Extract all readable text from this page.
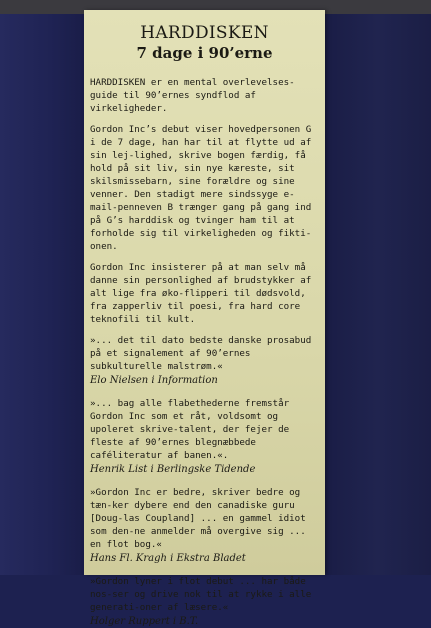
HARDDISKEN
7 dage i 90’erne

HARDDISKEN er en mental overlevelses-guide til 90’ernes syndflod af virkeligheder.

Gordon Inc’s debut viser hovedpersonen G i de 7 dage, han har til at flytte ud af sin lej-lighed, skrive bogen færdig, få hold på sit liv, sin nye kæreste, sit skilsmissebarn, sine forældre og sine venner. Den stadigt mere sindssyge e-mail-penneven B trænger gang på gang ind på G’s harddisk og tvinger ham til at forholde sig til virkeligheden og fikti-onen.

Gordon Inc insisterer på at man selv må danne sin personlighed af brudstykker af alt lige fra øko-flipperi til dødsvold, fra zapperliv til poesi, fra hard core teknofili til kult.

»... det til dato bedste danske prosabud på et signalement af 90’ernes subkulturelle malstrøm.«

Elo Nielsen i Information

»... bag alle flabethederne fremstår Gordon Inc som et råt, voldsomt og upoleret skrive-talent, der fejer de fleste af 90’ernes blegnæbbede caféliteratur af banen.«.

Henrik List i Berlingske Tidende

»Gordon Inc er bedre, skriver bedre og tæn-ker dybere end den canadiske guru [Doug-las Coupland] ... en gammel idiot som den-ne anmelder må overgive sig ... en flot bog.«

Hans Fl. Kragh i Ekstra Bladet

»Gordon lyner i flot debut ... har både nos-ser og drive nok til at rykke i alle generati-oner af læsere.«

Holger Ruppert i B.T.
